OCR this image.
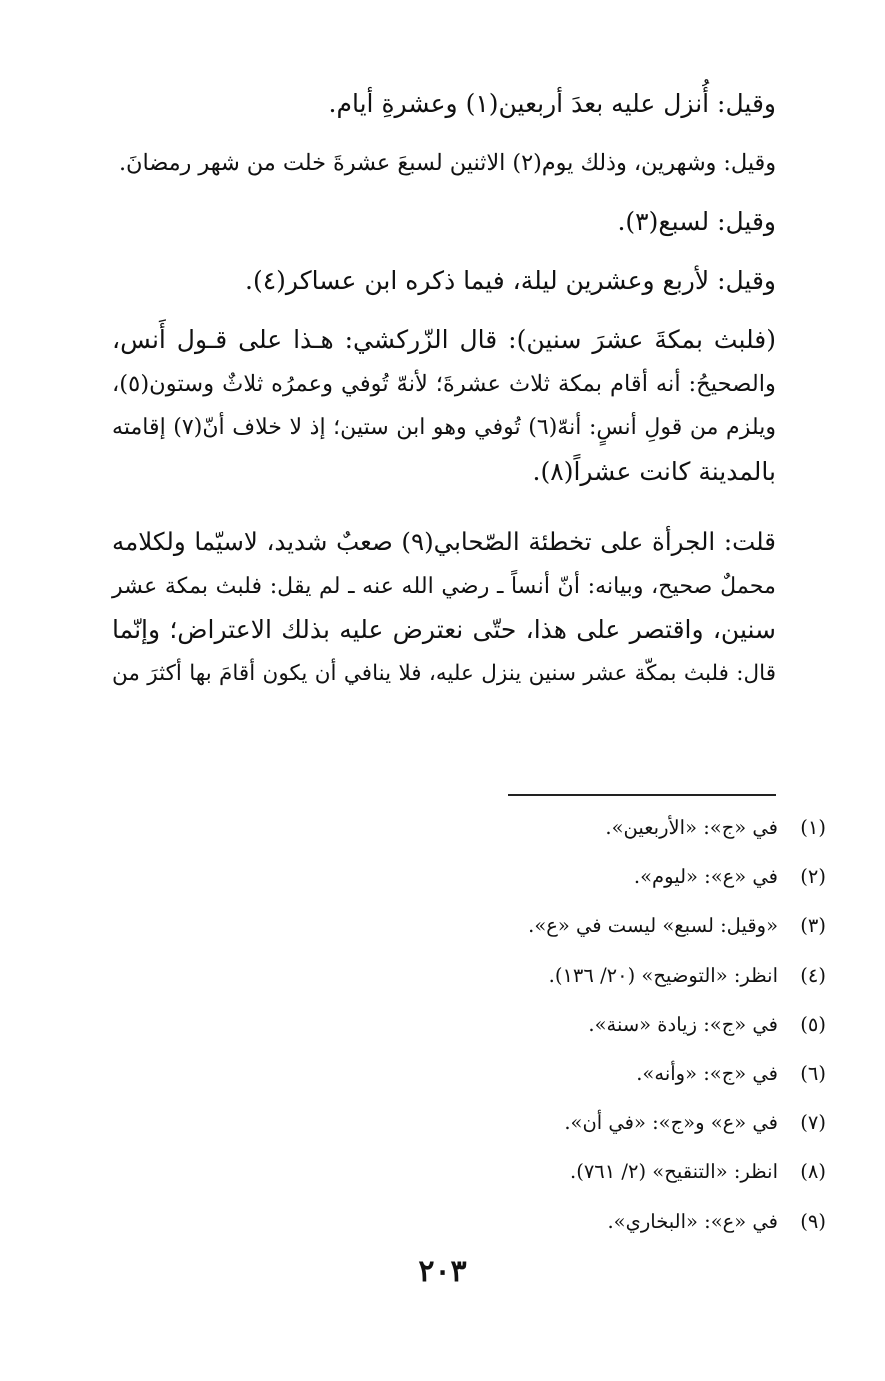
وقيل: أُنزل عليه بعدَ أربعين(١) وعشرةِ أيام.
وقيل: وشهرين، وذلك يوم(٢) الاثنين لسبعَ عشرةَ خلت من شهر رمضانَ.
وقيل: لسبع(٣).
وقيل: لأربع وعشرين ليلة، فيما ذكره ابن عساكر(٤).
(فلبث بمكةَ عشرَ سنين): قال الزّركشي: هـذا على قـول أَنس،
والصحيحُ: أنه أقام بمكة ثلاث عشرةَ؛ لأنهّ تُوفي وعمرُه ثلاثٌ وستون(٥)،
ويلزم من قولِ أنسٍ: أنهّ(٦) تُوفي وهو ابن ستين؛ إذ لا خلاف أنّ(٧) إقامته
بالمدينة كانت عشراً(٨).
قلت: الجرأة على تخطئة الصّحابي(٩) صعبٌ شديد، لاسيّما ولكلامه
محملٌ صحيح، وبيانه: أنّ أنساً ـ رضي الله عنه ـ لم يقل: فلبث بمكة عشر
سنين، واقتصر على هذا، حتّى نعترض عليه بذلك الاعتراض؛ وإنّما
قال: فلبث بمكّة عشر سنين ينزل عليه، فلا ينافي أن يكون أقامَ بها أكثرَ من
(١)في «ج»: «الأربعين».
(٢)في «ع»: «ليوم».
(٣)«وقيل: لسبع» ليست في «ع».
(٤)انظر: «التوضيح» (٢٠/ ١٣٦).
(٥)في «ج»: زيادة «سنة».
(٦)في «ج»: «وأنه».
(٧)في «ع» و«ج»: «في أن».
(٨)انظر: «التنقيح» (٢/ ٧٦١).
(٩)في «ع»: «البخاري».
٢٠٣
